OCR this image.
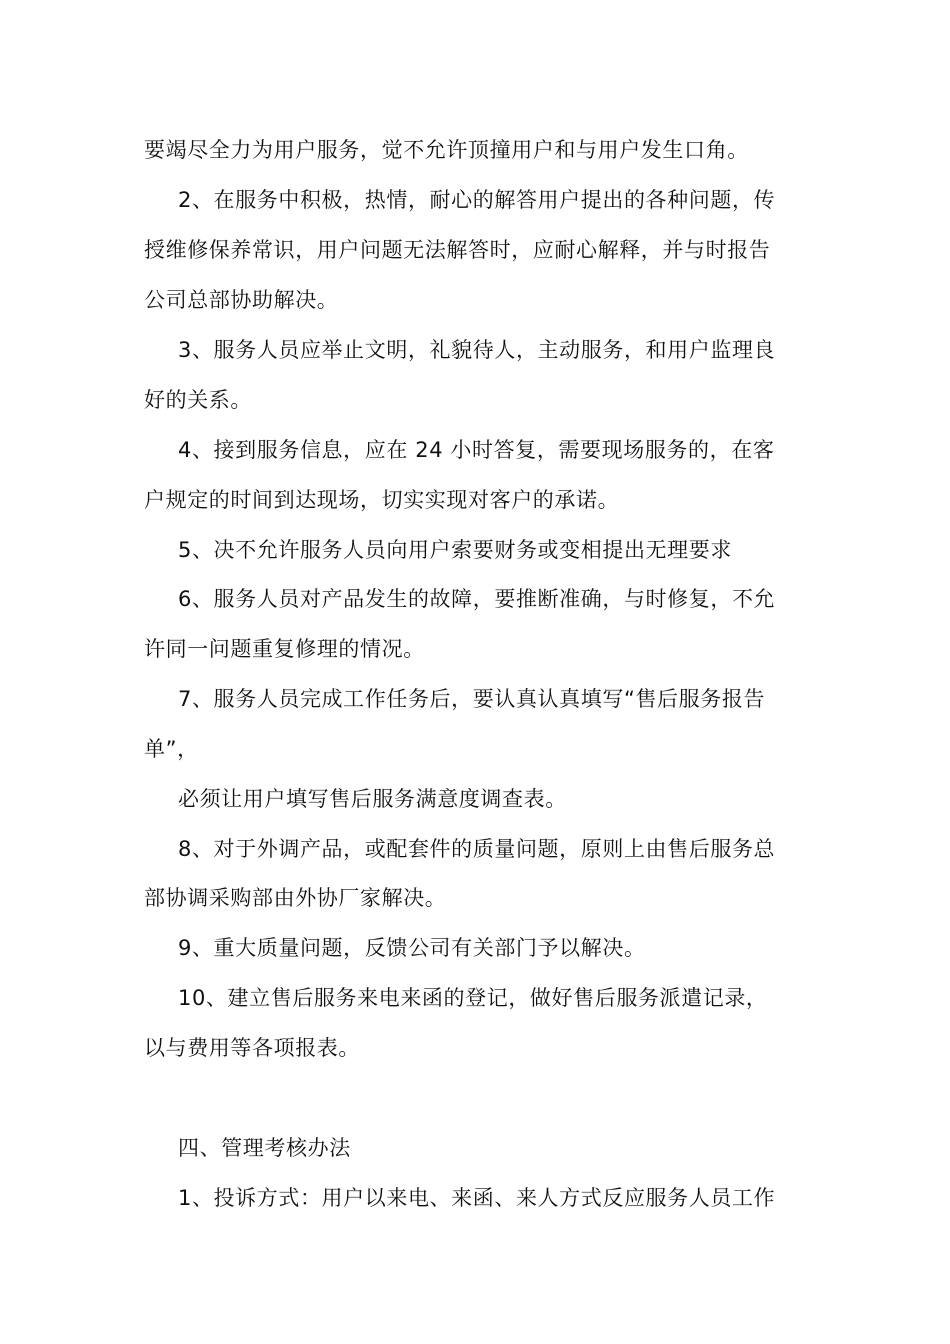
要竭尽全力为用户服务，觉不允许顶撞用户和与用户发生口角。
2、在服务中积极，热情，耐心的解答用户提出的各种问题，传
授维修保养常识，用户问题无法解答时，应耐心解释，并与时报告
公司总部协助解决。
3、服务人员应举止文明，礼貌待人，主动服务，和用户监理良
好的关系。
4、接到服务信息，应在 24 小时答复，需要现场服务的，在客
户规定的时间到达现场，切实实现对客户的承诺。
5、决不允许服务人员向用户索要财务或变相提出无理要求
6、服务人员对产品发生的故障，要推断准确，与时修复，不允
许同一问题重复修理的情况。
7、服务人员完成工作任务后，要认真认真填写“售后服务报告
单”，
必须让用户填写售后服务满意度调查表。
8、对于外调产品，或配套件的质量问题，原则上由售后服务总
部协调采购部由外协厂家解决。
9、重大质量问题，反馈公司有关部门予以解决。
10、建立售后服务来电来函的登记，做好售后服务派遣记录，
以与费用等各项报表。
四、管理考核办法
1、投诉方式：用户以来电、来函、来人方式反应服务人员工作
